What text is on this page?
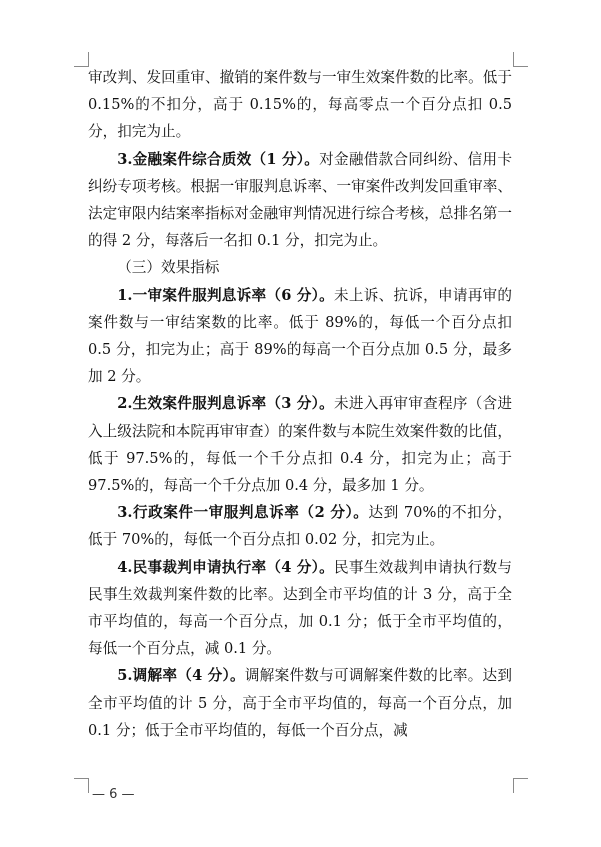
审改判、发回重审、撤销的案件数与一审生效案件数的比率。低于 0.15%的不扣分，高于 0.15%的，每高零点一个百分点扣 0.5 分，扣完为止。

3.金融案件综合质效（1 分）。对金融借款合同纠纷、信用卡纠纷专项考核。根据一审服判息诉率、一审案件改判发回重审率、法定审限内结案率指标对金融审判情况进行综合考核，总排名第一的得 2 分，每落后一名扣 0.1 分，扣完为止。

（三）效果指标

1.一审案件服判息诉率（6 分）。未上诉、抗诉，申请再审的案件数与一审结案数的比率。低于 89%的，每低一个百分点扣 0.5 分，扣完为止；高于 89%的每高一个百分点加 0.5 分，最多加 2 分。

2.生效案件服判息诉率（3 分）。未进入再审审查程序（含进入上级法院和本院再审审查）的案件数与本院生效案件数的比值，低于 97.5%的，每低一个千分点扣 0.4 分，扣完为止；高于 97.5%的，每高一个千分点加 0.4 分，最多加 1 分。

3.行政案件一审服判息诉率（2 分）。达到 70%的不扣分，低于 70%的，每低一个百分点扣 0.02 分，扣完为止。

4.民事裁判申请执行率（4 分）。民事生效裁判申请执行数与民事生效裁判案件数的比率。达到全市平均值的计 3 分，高于全市平均值的，每高一个百分点，加 0.1 分；低于全市平均值的，每低一个百分点，减 0.1 分。

5.调解率（4 分）。调解案件数与可调解案件数的比率。达到全市平均值的计 5 分，高于全市平均值的，每高一个百分点，加 0.1 分；低于全市平均值的，每低一个百分点，减

— 6 —
